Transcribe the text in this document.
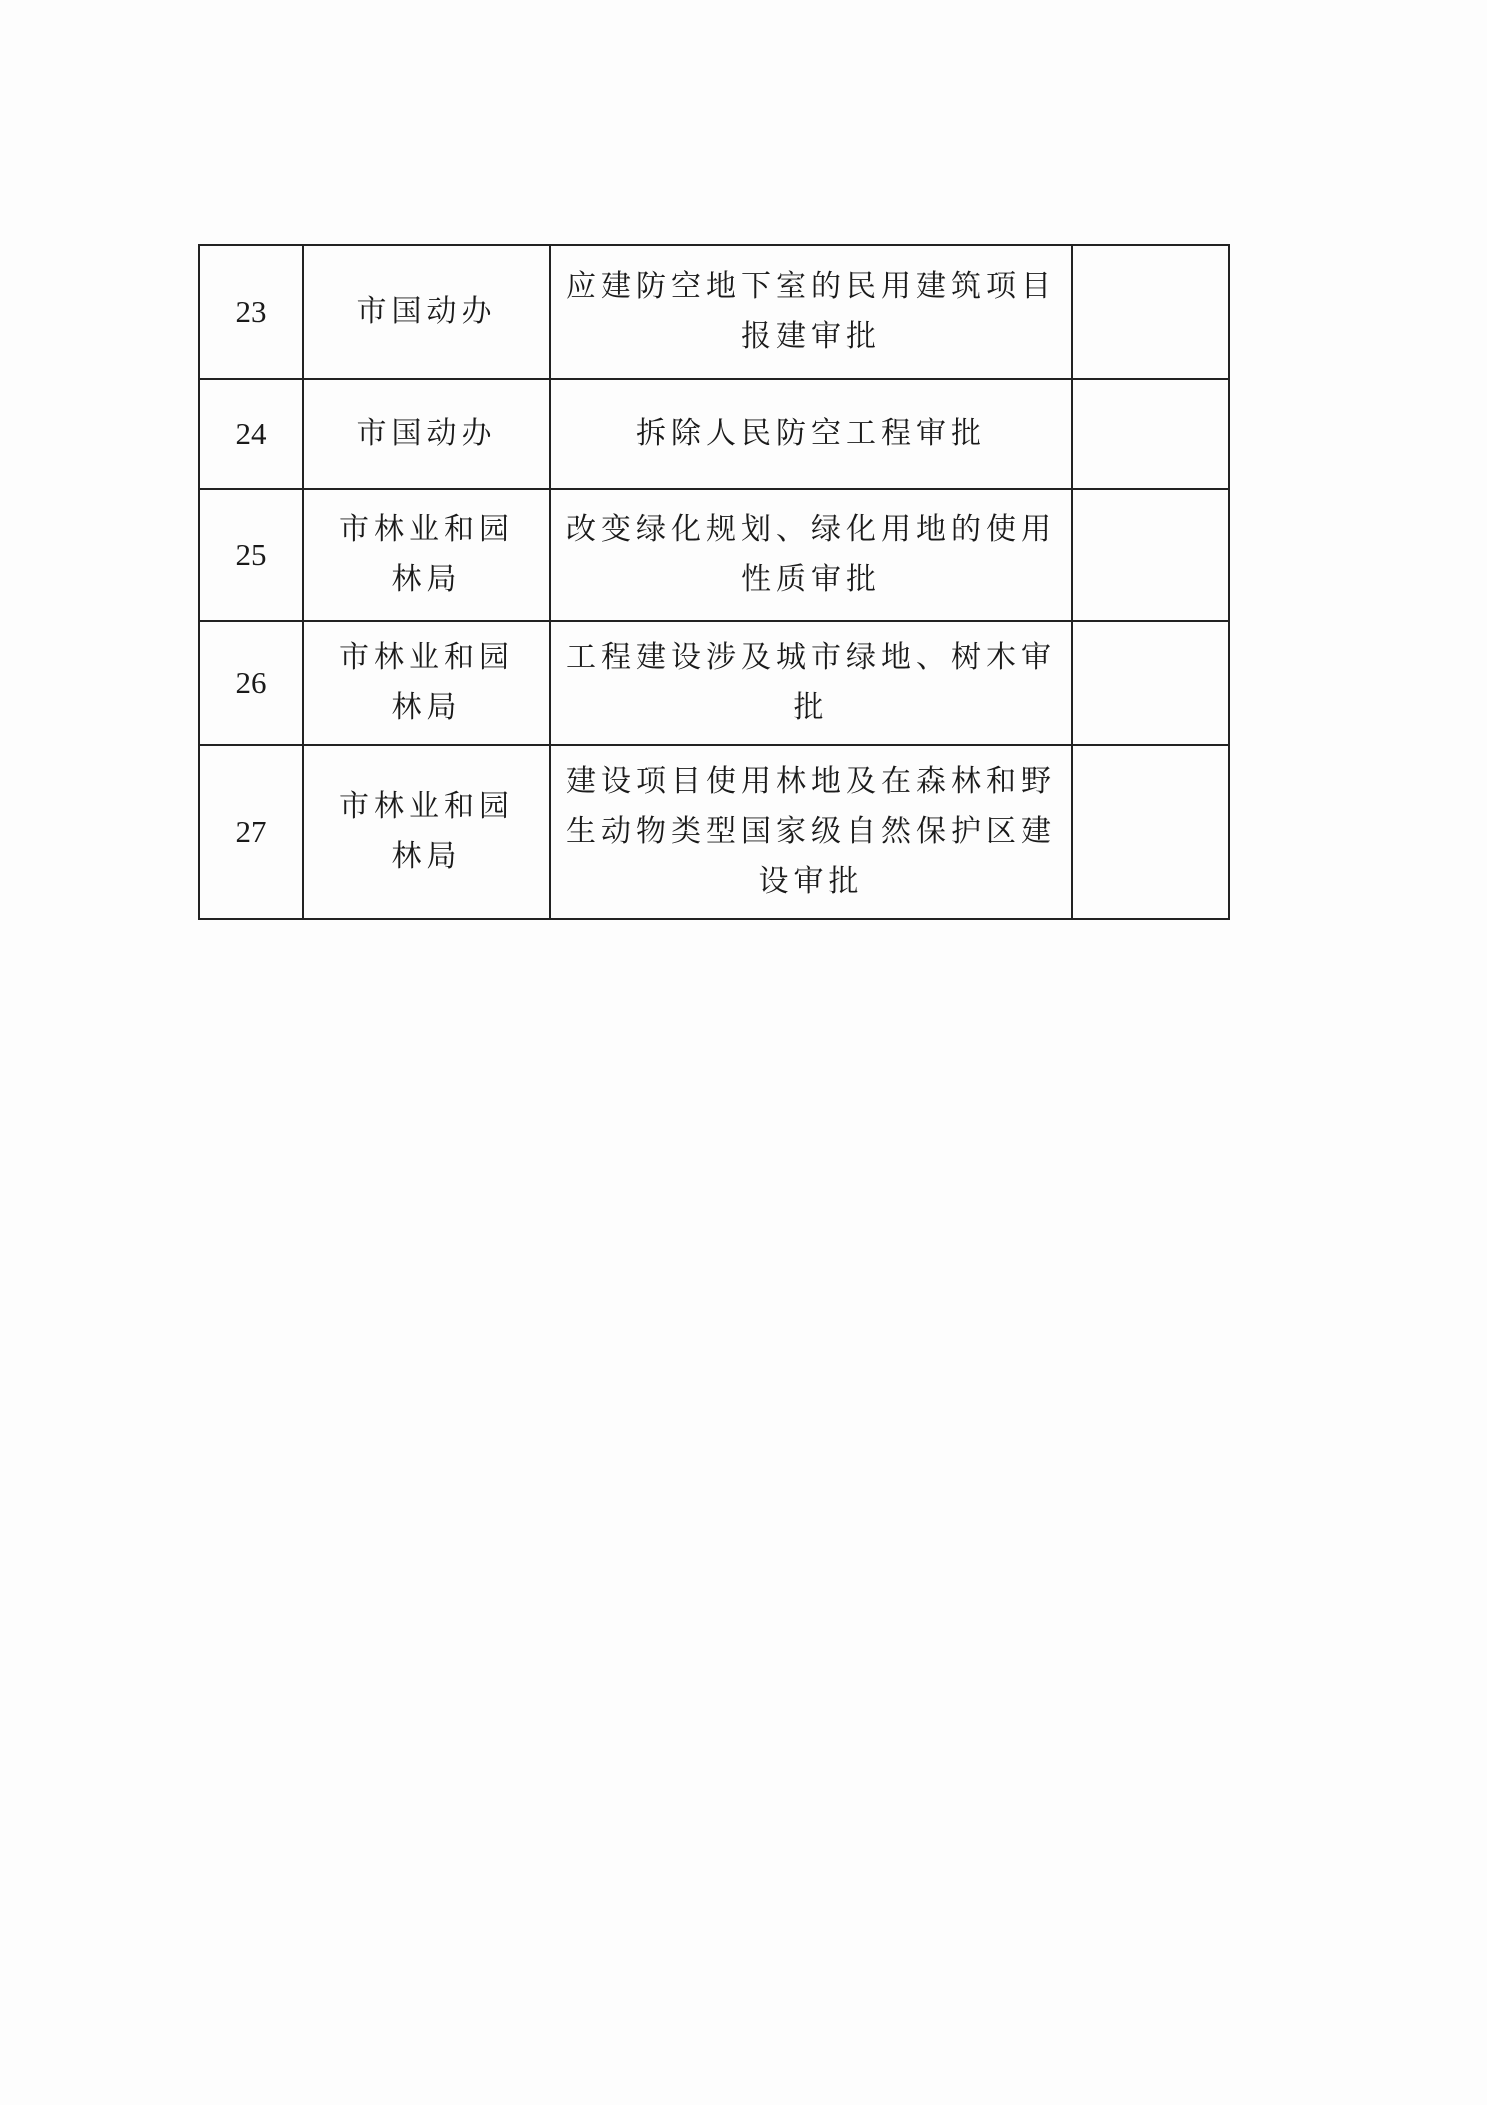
23	市国动办	应建防空地下室的民用建筑项目报建审批	
24	市国动办	拆除人民防空工程审批	
25	市林业和园林局	改变绿化规划、绿化用地的使用性质审批	
26	市林业和园林局	工程建设涉及城市绿地、树木审批	
27	市林业和园林局	建设项目使用林地及在森林和野生动物类型国家级自然保护区建设审批	
